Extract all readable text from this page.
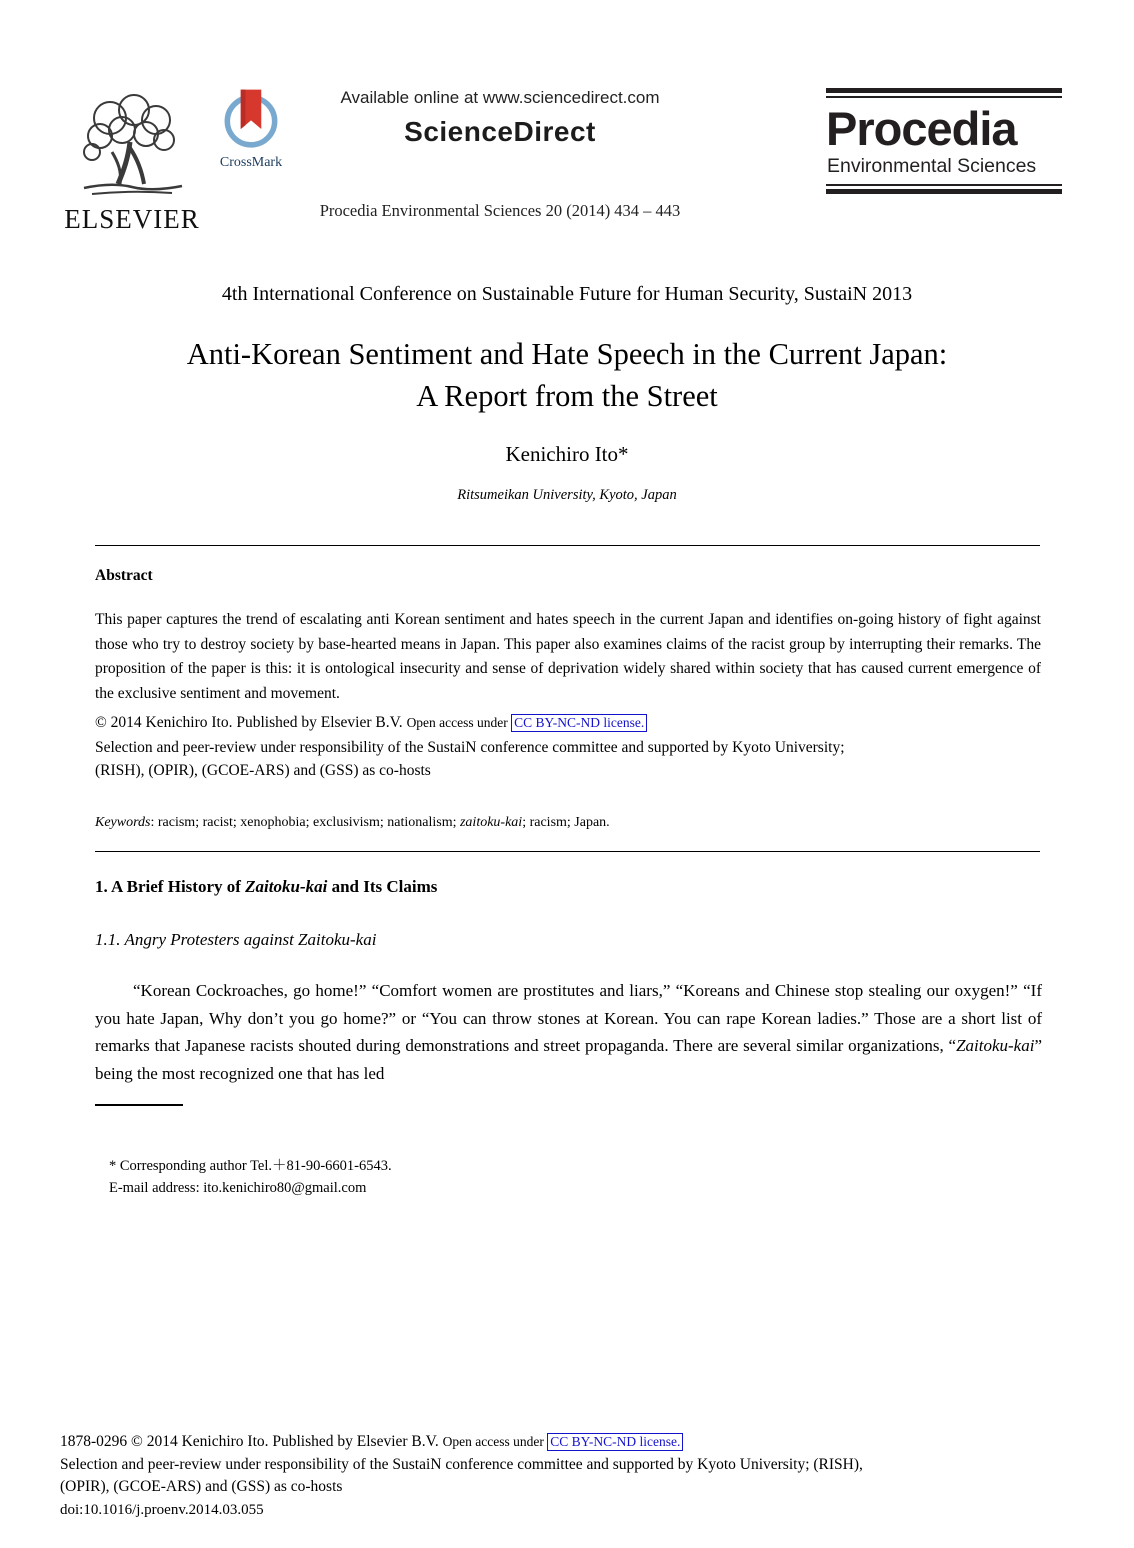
ELSEVIER
CrossMark
Available online at www.sciencedirect.com
ScienceDirect
Procedia Environmental Sciences 20 (2014) 434 – 443
Procedia
Environmental Sciences
4th International Conference on Sustainable Future for Human Security, SustaiN 2013
Anti-Korean Sentiment and Hate Speech in the Current Japan:
A Report from the Street
Kenichiro Ito*
Ritsumeikan University, Kyoto, Japan
Abstract
This paper captures the trend of escalating anti Korean sentiment and hates speech in the current Japan and identifies on-going history of fight against those who try to destroy society by base-hearted means in Japan. This paper also examines claims of the racist group by interrupting their remarks. The proposition of the paper is this: it is ontological insecurity and sense of deprivation widely shared within society that has caused current emergence of the exclusive sentiment and movement.
© 2014 Kenichiro Ito. Published by Elsevier B.V. Open access under CC BY-NC-ND license.
Selection and peer-review under responsibility of the SustaiN conference committee and supported by Kyoto University;
(RISH), (OPIR), (GCOE-ARS) and (GSS) as co-hosts
Keywords: racism; racist; xenophobia; exclusivism; nationalism; zaitoku-kai; racism; Japan.
1. A Brief History of Zaitoku-kai and Its Claims
1.1. Angry Protesters against Zaitoku-kai
“Korean Cockroaches, go home!” “Comfort women are prostitutes and liars,” “Koreans and Chinese stop stealing our oxygen!” “If you hate Japan, Why don’t you go home?” or “You can throw stones at Korean. You can rape Korean ladies.” Those are a short list of remarks that Japanese racists shouted during demonstrations and street propaganda. There are several similar organizations, “Zaitoku-kai” being the most recognized one that has led
* Corresponding author Tel.＋81-90-6601-6543.
E-mail address: ito.kenichiro80@gmail.com
1878-0296 © 2014 Kenichiro Ito. Published by Elsevier B.V. Open access under CC BY-NC-ND license.
Selection and peer-review under responsibility of the SustaiN conference committee and supported by Kyoto University; (RISH),
(OPIR), (GCOE-ARS) and (GSS) as co-hosts
doi:10.1016/j.proenv.2014.03.055
